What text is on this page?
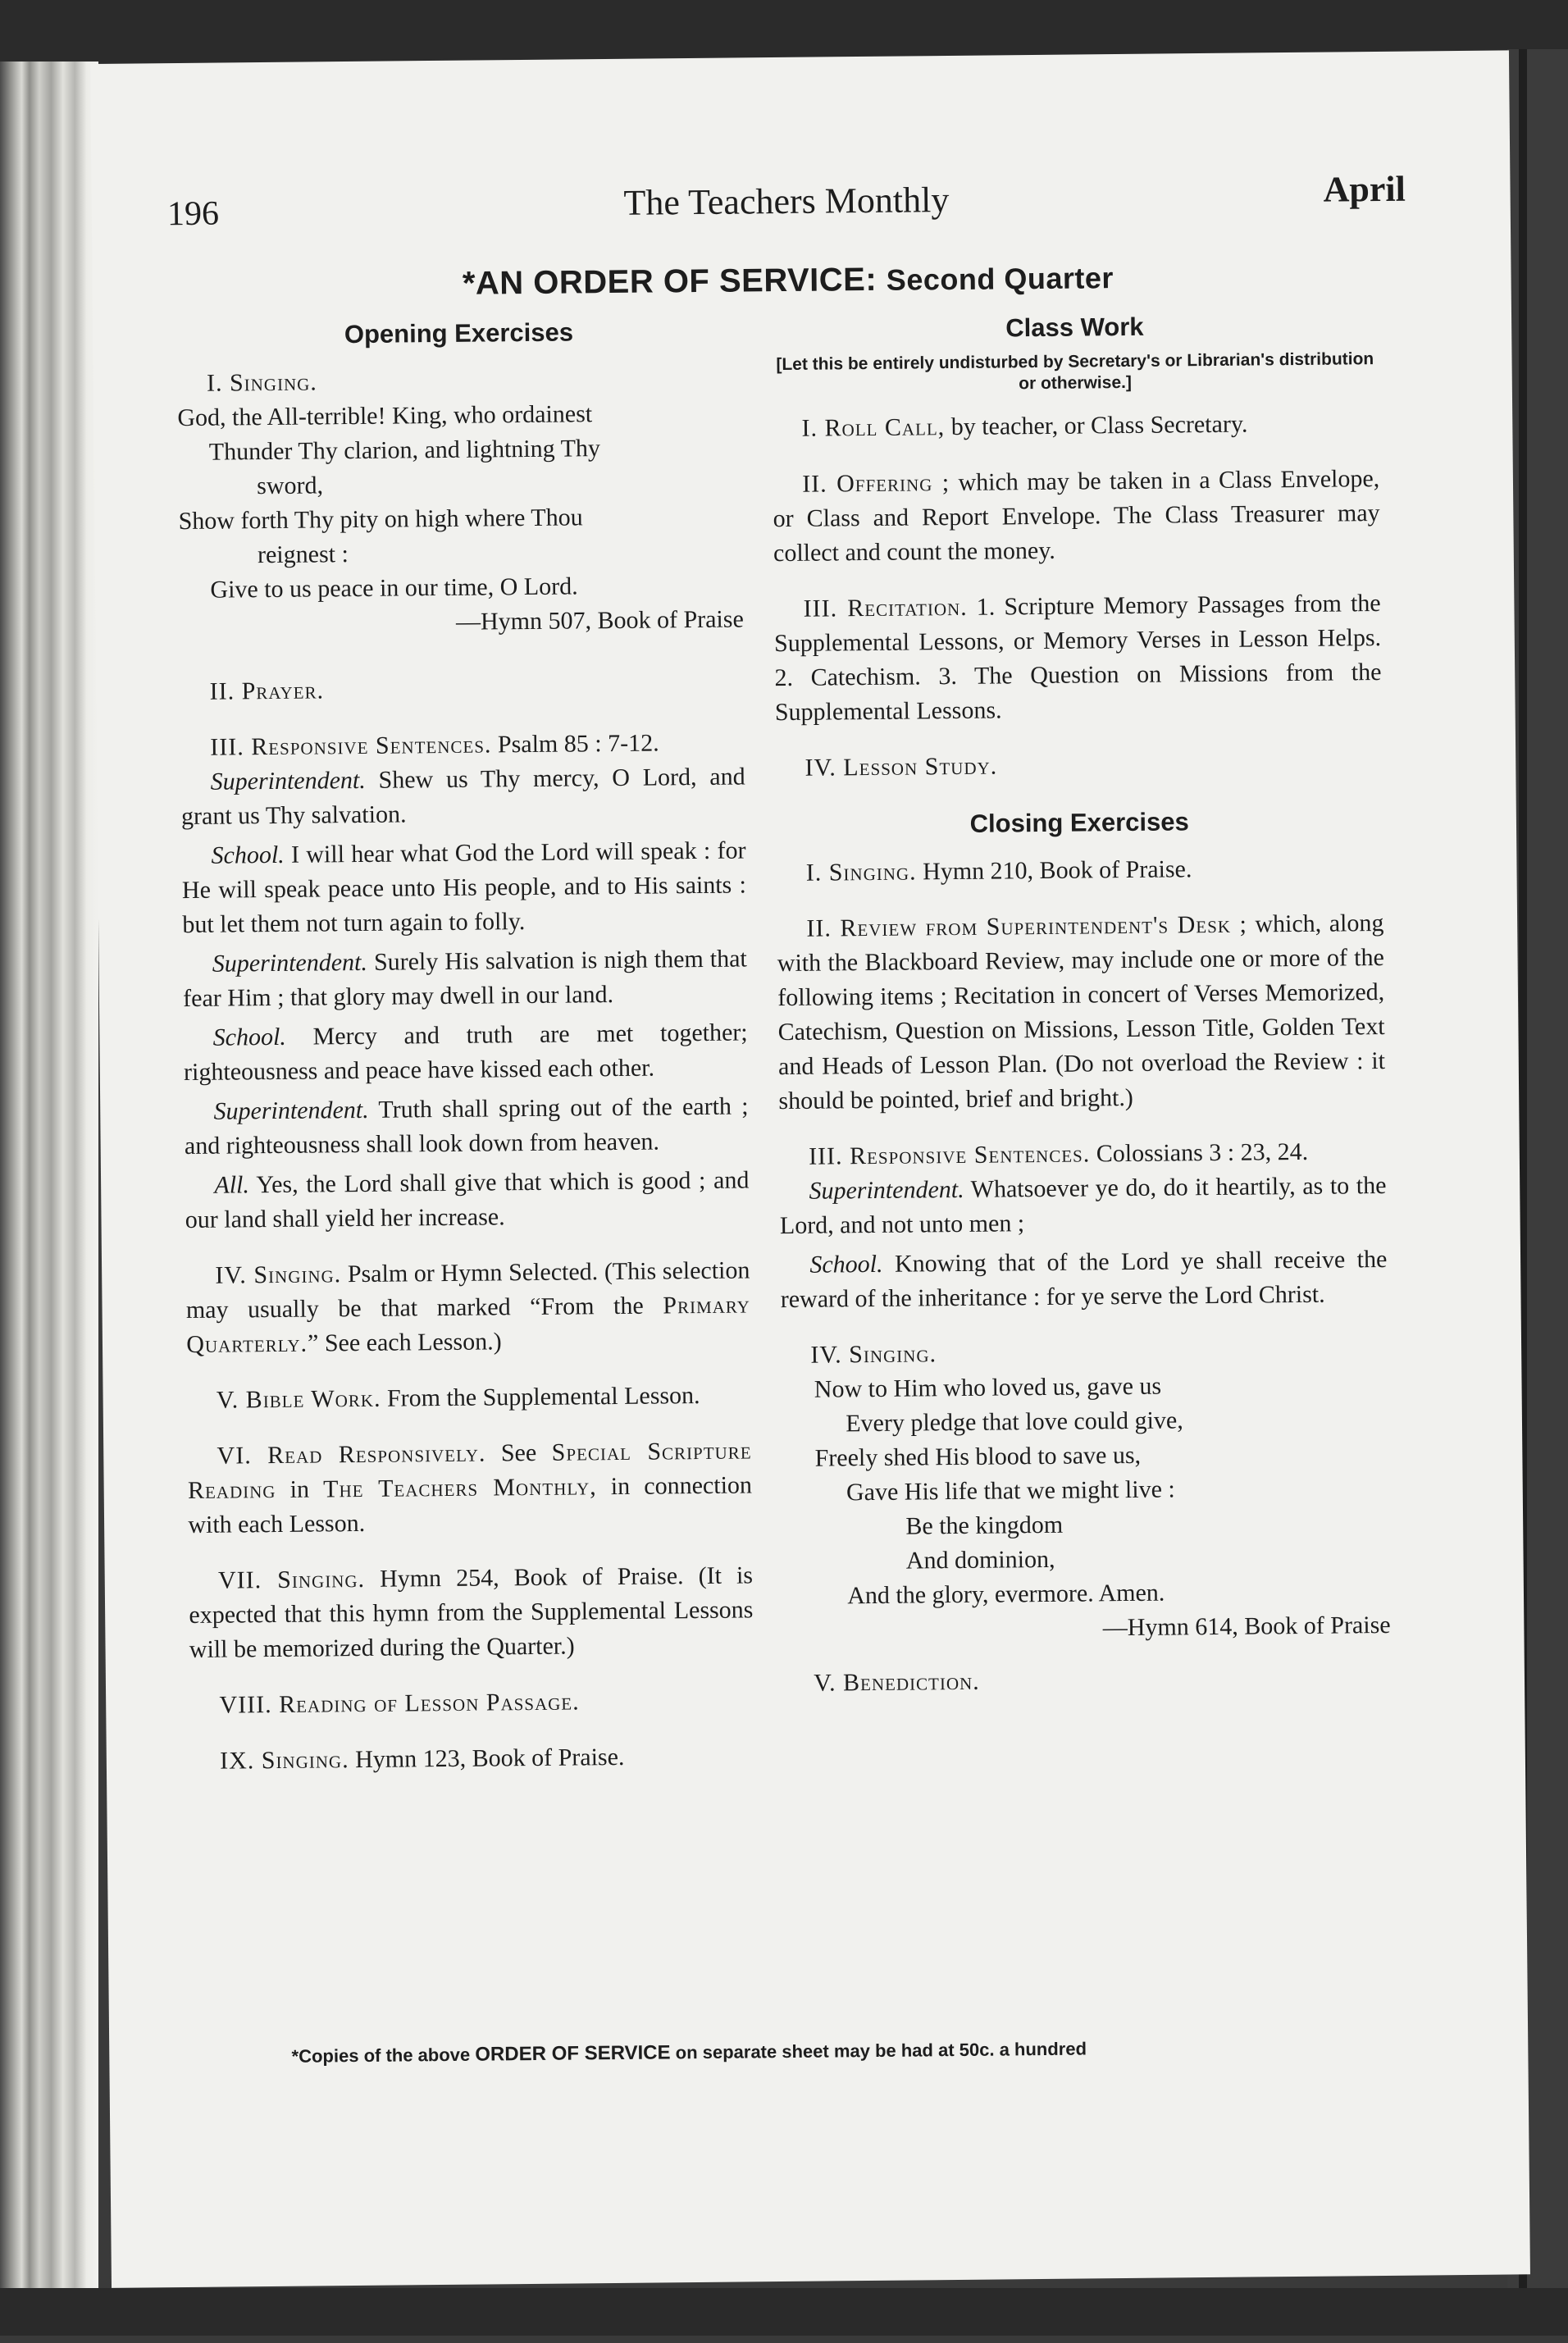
196	The Teachers Monthly	April
*AN ORDER OF SERVICE: Second Quarter
Opening Exercises

I. Singing.

God, the All-terrible! King, who ordainest
Thunder Thy clarion, and lightning Thy
sword,
Show forth Thy pity on high where Thou
reignest :
Give to us peace in our time, O Lord.

—Hymn 507, Book of Praise

II. Prayer.

III. Responsive Sentences. Psalm 85 : 7-12.

Superintendent. Shew us Thy mercy, O Lord, and grant us Thy salvation.

School. I will hear what God the Lord will speak : for He will speak peace unto His people, and to His saints : but let them not turn again to folly.

Superintendent. Surely His salvation is nigh them that fear Him ; that glory may dwell in our land.

School. Mercy and truth are met together; righteousness and peace have kissed each other.

Superintendent. Truth shall spring out of the earth ; and righteousness shall look down from heaven.

All. Yes, the Lord shall give that which is good ; and our land shall yield her increase.

IV. Singing. Psalm or Hymn Selected. (This selection may usually be that marked “From the Primary Quarterly.” See each Lesson.)

V. Bible Work. From the Supplemental Lesson.

VI. Read Responsively. See Special Scripture Reading in The Teachers Monthly, in connection with each Lesson.

VII. Singing. Hymn 254, Book of Praise. (It is expected that this hymn from the Supplemental Lessons will be memorized during the Quarter.)

VIII. Reading of Lesson Passage.

IX. Singing. Hymn 123, Book of Praise.

Class Work
[Let this be entirely undisturbed by Secretary's or Librarian's distribution or otherwise.]

I. Roll Call, by teacher, or Class Secretary.

II. Offering ; which may be taken in a Class Envelope, or Class and Report Envelope. The Class Treasurer may collect and count the money.

III. Recitation. 1. Scripture Memory Passages from the Supplemental Lessons, or Memory Verses in Lesson Helps. 2. Catechism. 3. The Question on Missions from the Supplemental Lessons.

IV. Lesson Study.

Closing Exercises

I. Singing. Hymn 210, Book of Praise.

II. Review from Superintendent's Desk ; which, along with the Blackboard Review, may include one or more of the following items ; Recitation in concert of Verses Memorized, Catechism, Question on Missions, Lesson Title, Golden Text and Heads of Lesson Plan. (Do not overload the Review : it should be pointed, brief and bright.)

III. Responsive Sentences. Colossians 3 : 23, 24.

Superintendent. Whatsoever ye do, do it heartily, as to the Lord, and not unto men ;

School. Knowing that of the Lord ye shall receive the reward of the inheritance : for ye serve the Lord Christ.

IV. Singing.

Now to Him who loved us, gave us
Every pledge that love could give,
Freely shed His blood to save us,
Gave His life that we might live :
Be the kingdom
And dominion,
And the glory, evermore. Amen.

—Hymn 614, Book of Praise

V. Benediction.

*Copies of the above ORDER OF SERVICE on separate sheet may be had at 50c. a hundred
